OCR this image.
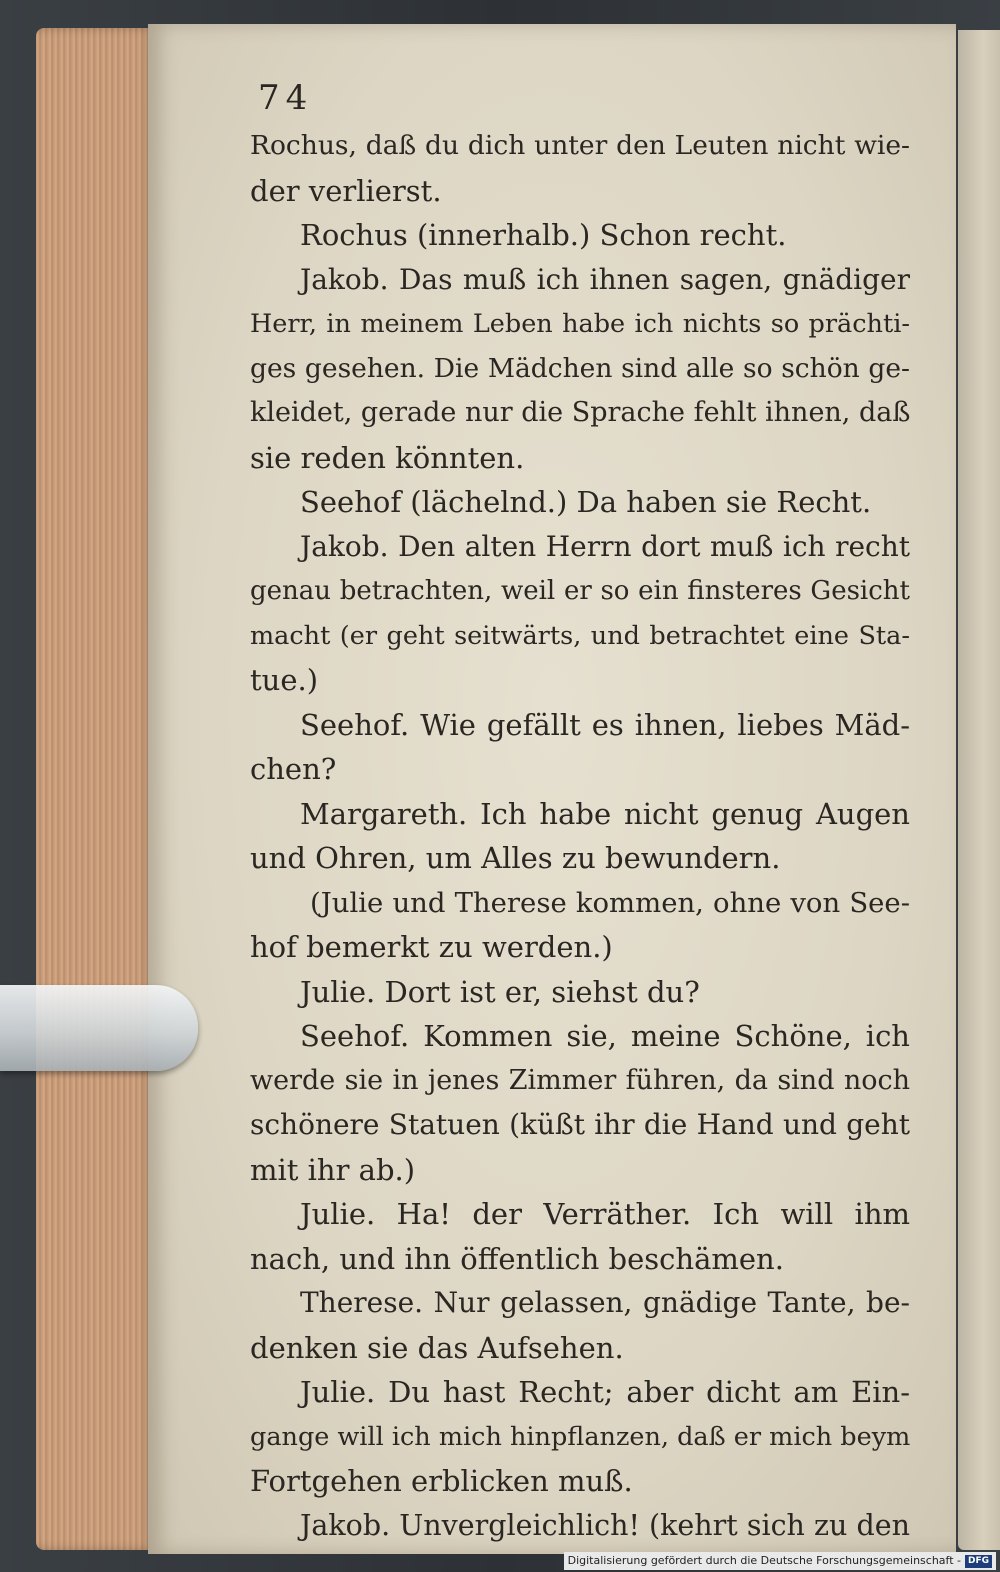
74
Rochus, daß du dich unter den Leuten nicht wie-
der verlierst.
Rochus (innerhalb.) Schon recht.
Jakob. Das muß ich ihnen sagen, gnädiger
Herr, in meinem Leben habe ich nichts so prächti-
ges gesehen. Die Mädchen sind alle so schön ge-
kleidet, gerade nur die Sprache fehlt ihnen, daß
sie reden könnten.
Seehof (lächelnd.) Da haben sie Recht.
Jakob. Den alten Herrn dort muß ich recht
genau betrachten, weil er so ein finsteres Gesicht
macht (er geht seitwärts, und betrachtet eine Sta-
tue.)
Seehof. Wie gefällt es ihnen, liebes Mäd-
chen?
Margareth. Ich habe nicht genug Augen
und Ohren, um Alles zu bewundern.
(Julie und Therese kommen, ohne von See-
hof bemerkt zu werden.)
Julie. Dort ist er, siehst du?
Seehof. Kommen sie, meine Schöne, ich
werde sie in jenes Zimmer führen, da sind noch
schönere Statuen (küßt ihr die Hand und geht
mit ihr ab.)
Julie. Ha! der Verräther. Ich will ihm
nach, und ihn öffentlich beschämen.
Therese. Nur gelassen, gnädige Tante, be-
denken sie das Aufsehen.
Julie. Du hast Recht; aber dicht am Ein-
gange will ich mich hinpflanzen, daß er mich beym
Fortgehen erblicken muß.
Jakob. Unvergleichlich! (kehrt sich zu den
Digitalisierung gefördert durch die Deutsche Forschungsgemeinschaft - DFG
